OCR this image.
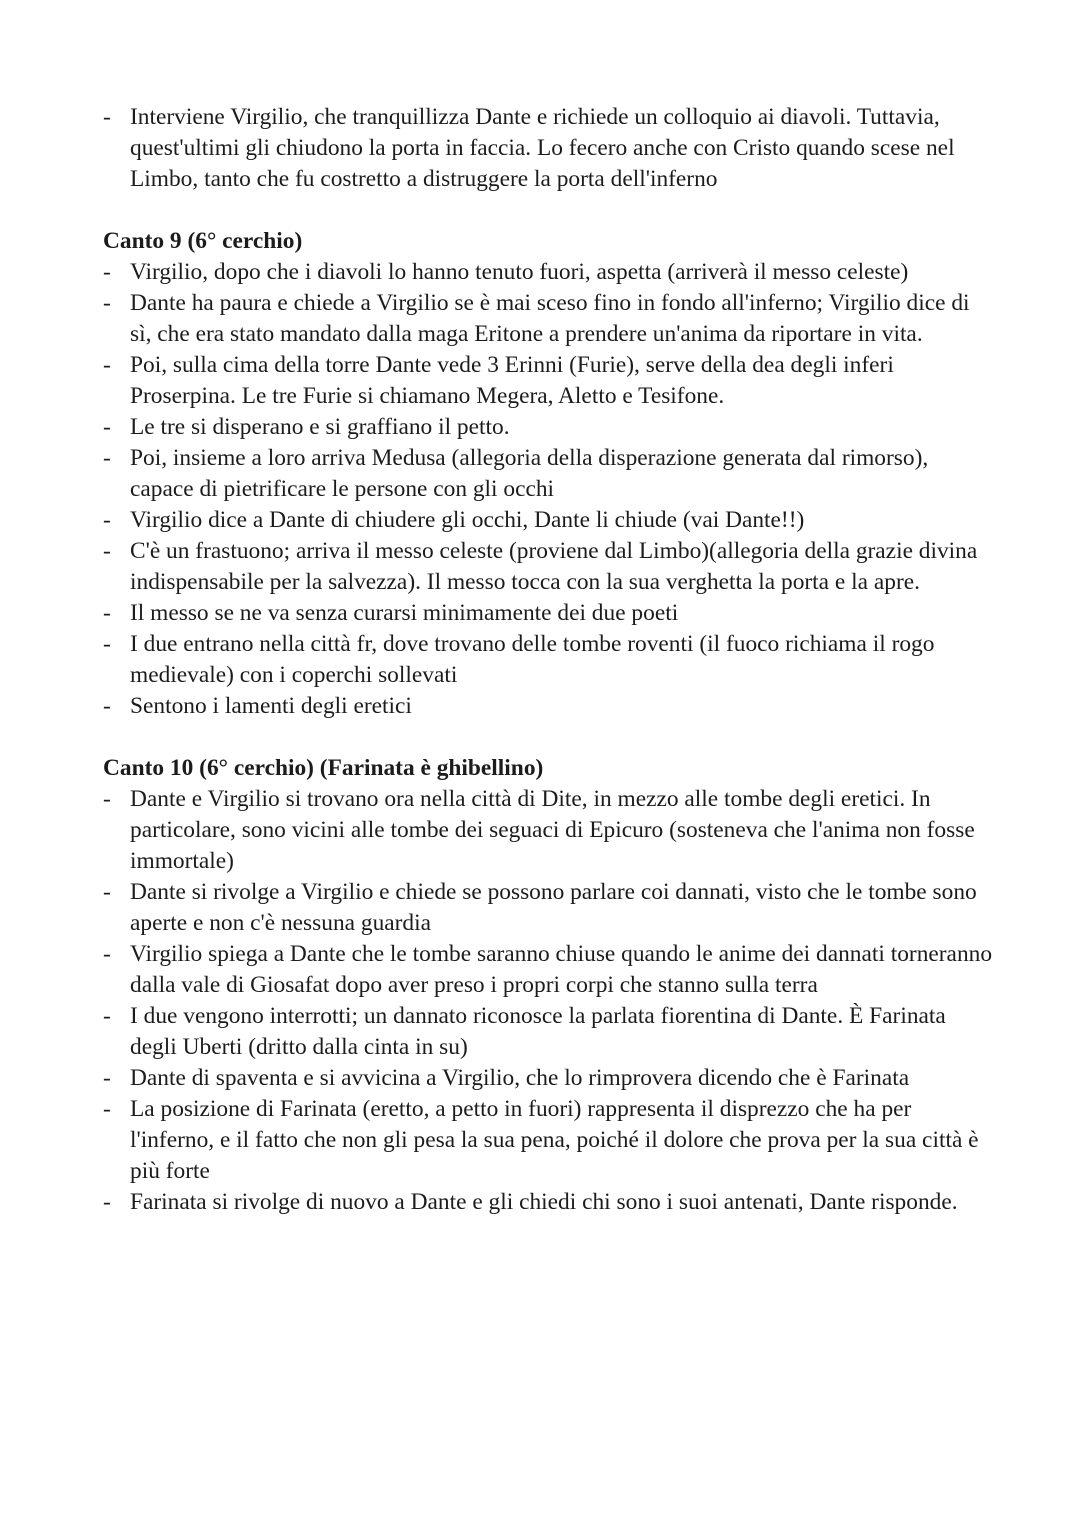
- Interviene Virgilio, che tranquillizza Dante e richiede un colloquio ai diavoli. Tuttavia, quest'ultimi gli chiudono la porta in faccia. Lo fecero anche con Cristo quando scese nel Limbo, tanto che fu costretto a distruggere la porta dell'inferno

Canto 9 (6° cerchio)

- Virgilio, dopo che i diavoli lo hanno tenuto fuori, aspetta (arriverà il messo celeste)
- Dante ha paura e chiede a Virgilio se è mai sceso fino in fondo all'inferno; Virgilio dice di sì, che era stato mandato dalla maga Eritone a prendere un'anima da riportare in vita.
- Poi, sulla cima della torre Dante vede 3 Erinni (Furie), serve della dea degli inferi Proserpina. Le tre Furie si chiamano Megera, Aletto e Tesifone.
- Le tre si disperano e si graffiano il petto.
- Poi, insieme a loro arriva Medusa (allegoria della disperazione generata dal rimorso), capace di pietrificare le persone con gli occhi
- Virgilio dice a Dante di chiudere gli occhi, Dante li chiude (vai Dante!!)
- C'è un frastuono; arriva il messo celeste (proviene dal Limbo)(allegoria della grazie divina indispensabile per la salvezza). Il messo tocca con la sua verghetta la porta e la apre.
- Il messo se ne va senza curarsi minimamente dei due poeti
- I due entrano nella città fr, dove trovano delle tombe roventi (il fuoco richiama il rogo medievale) con i coperchi sollevati
- Sentono i lamenti degli eretici

Canto 10 (6° cerchio) (Farinata è ghibellino)

- Dante e Virgilio si trovano ora nella città di Dite, in mezzo alle tombe degli eretici. In particolare, sono vicini alle tombe dei seguaci di Epicuro (sosteneva che l'anima non fosse immortale)
- Dante si rivolge a Virgilio e chiede se possono parlare coi dannati, visto che le tombe sono aperte e non c'è nessuna guardia
- Virgilio spiega a Dante che le tombe saranno chiuse quando le anime dei dannati torneranno dalla vale di Giosafat dopo aver preso i propri corpi che stanno sulla terra
- I due vengono interrotti; un dannato riconosce la parlata fiorentina di Dante. È Farinata degli Uberti (dritto dalla cinta in su)
- Dante di spaventa e si avvicina a Virgilio, che lo rimprovera dicendo che è Farinata
- La posizione di Farinata (eretto, a petto in fuori) rappresenta il disprezzo che ha per l'inferno, e il fatto che non gli pesa la sua pena, poiché il dolore che prova per la sua città è più forte
- Farinata si rivolge di nuovo a Dante e gli chiedi chi sono i suoi antenati, Dante risponde.
